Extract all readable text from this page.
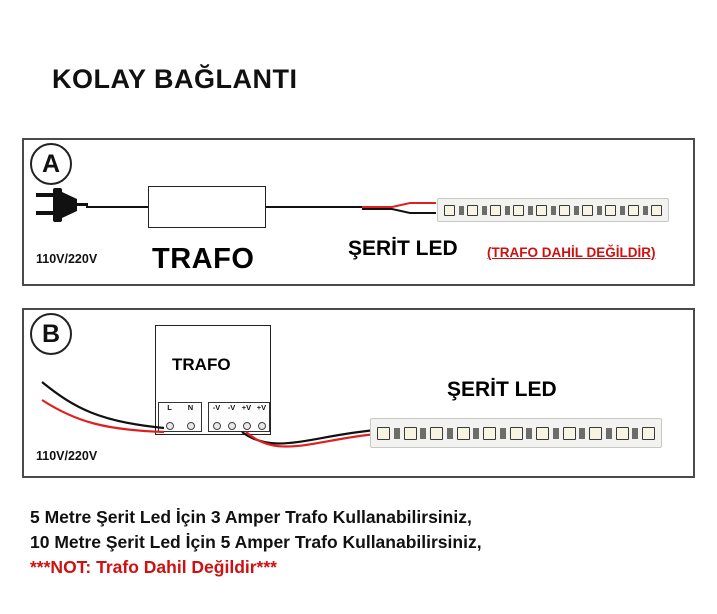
KOLAY BAĞLANTI
A
110V/220V TRAFO	ŞERİT LED (TRAFO DAHİL DEĞİLDİR)
B
TRAFO
L	N	-V	-V +V +V
110V/220V
ŞERİT LED
5 Metre Şerit Led İçin 3 Amper Trafo Kullanabilirsiniz,
10 Metre Şerit Led İçin 5 Amper Trafo Kullanabilirsiniz,
***NOT: Trafo Dahil Değildir***
